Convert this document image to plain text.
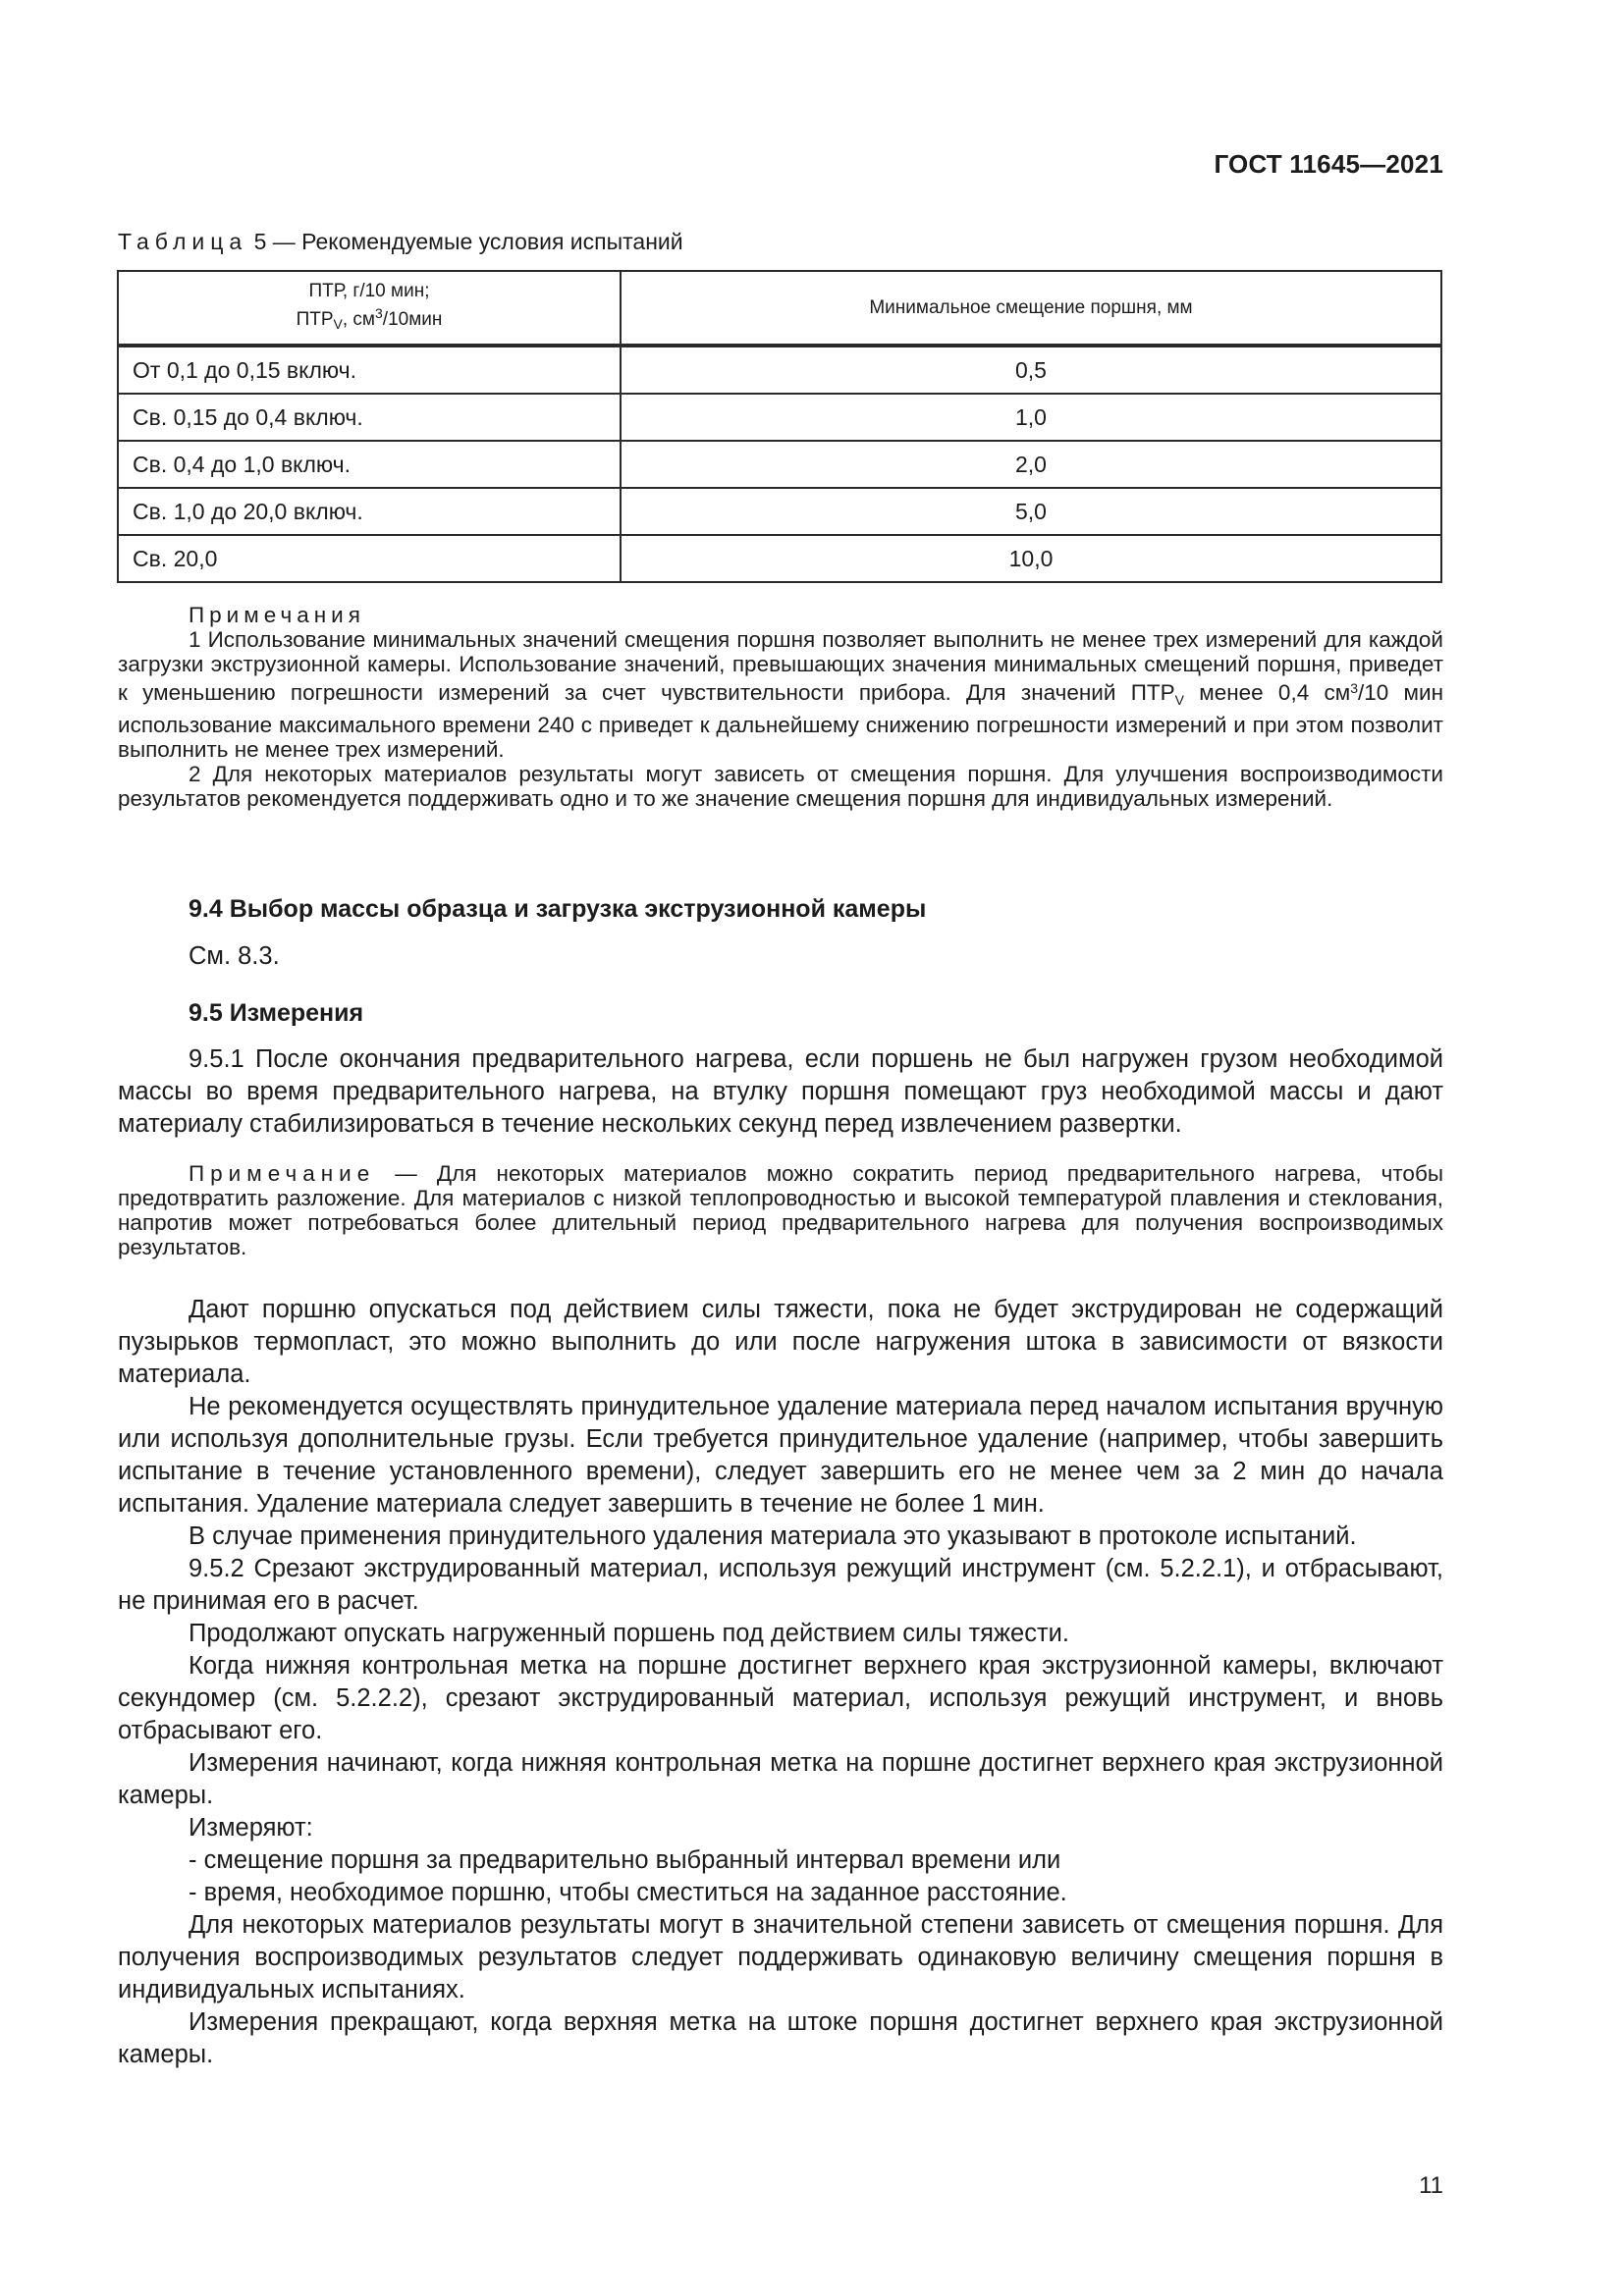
ГОСТ 11645—2021
Таблица 5 — Рекомендуемые условия испытаний
ПТР, г/10 мин;
$ПТР_V$, $см^3/10мин$	Минимальное смещение поршня, мм
От 0,1 до 0,15 включ.	0,5
Св. 0,15 до 0,4 включ.	1,0
Св. 0,4 до 1,0 включ.	2,0
Св. 1,0 до 20,0 включ.	5,0
Св. 20,0	10,0

Примечания

1 Использование минимальных значений смещения поршня позволяет выполнить не менее трех измерений для каждой загрузки экструзионной камеры. Использование значений, превышающих значения минимальных смещений поршня, приведет к уменьшению погрешности измерений за счет чувствительности прибора. Для значений $ПТР_V$ менее 0,4 $см^3/10$ мин использование максимального времени 240 с приведет к дальнейшему снижению погрешности измерений и при этом позволит выполнить не менее трех измерений.

2 Для некоторых материалов результаты могут зависеть от смещения поршня. Для улучшения воспроизводимости результатов рекомендуется поддерживать одно и то же значение смещения поршня для индивидуальных измерений.

9.4 Выбор массы образца и загрузка экструзионной камеры

См. 8.3.

9.5 Измерения

9.5.1 После окончания предварительного нагрева, если поршень не был нагружен грузом необходимой массы во время предварительного нагрева, на втулку поршня помещают груз необходимой массы и дают материалу стабилизироваться в течение нескольких секунд перед извлечением развертки.

Примечание — Для некоторых материалов можно сократить период предварительного нагрева, чтобы предотвратить разложение. Для материалов с низкой теплопроводностью и высокой температурой плавления и стеклования, напротив может потребоваться более длительный период предварительного нагрева для получения воспроизводимых результатов.

Дают поршню опускаться под действием силы тяжести, пока не будет экструдирован не содержащий пузырьков термопласт, это можно выполнить до или после нагружения штока в зависимости от вязкости материала.

Не рекомендуется осуществлять принудительное удаление материала перед началом испытания вручную или используя дополнительные грузы. Если требуется принудительное удаление (например, чтобы завершить испытание в течение установленного времени), следует завершить его не менее чем за 2 мин до начала испытания. Удаление материала следует завершить в течение не более 1 мин.

В случае применения принудительного удаления материала это указывают в протоколе испытаний.

9.5.2 Срезают экструдированный материал, используя режущий инструмент (см. 5.2.2.1), и отбрасывают, не принимая его в расчет.

Продолжают опускать нагруженный поршень под действием силы тяжести.

Когда нижняя контрольная метка на поршне достигнет верхнего края экструзионной камеры, включают секундомер (см. 5.2.2.2), срезают экструдированный материал, используя режущий инструмент, и вновь отбрасывают его.

Измерения начинают, когда нижняя контрольная метка на поршне достигнет верхнего края экструзионной камеры.

Измеряют:

- смещение поршня за предварительно выбранный интервал времени или

- время, необходимое поршню, чтобы сместиться на заданное расстояние.

Для некоторых материалов результаты могут в значительной степени зависеть от смещения поршня. Для получения воспроизводимых результатов следует поддерживать одинаковую величину смещения поршня в индивидуальных испытаниях.

Измерения прекращают, когда верхняя метка на штоке поршня достигнет верхнего края экструзионной камеры.

11
